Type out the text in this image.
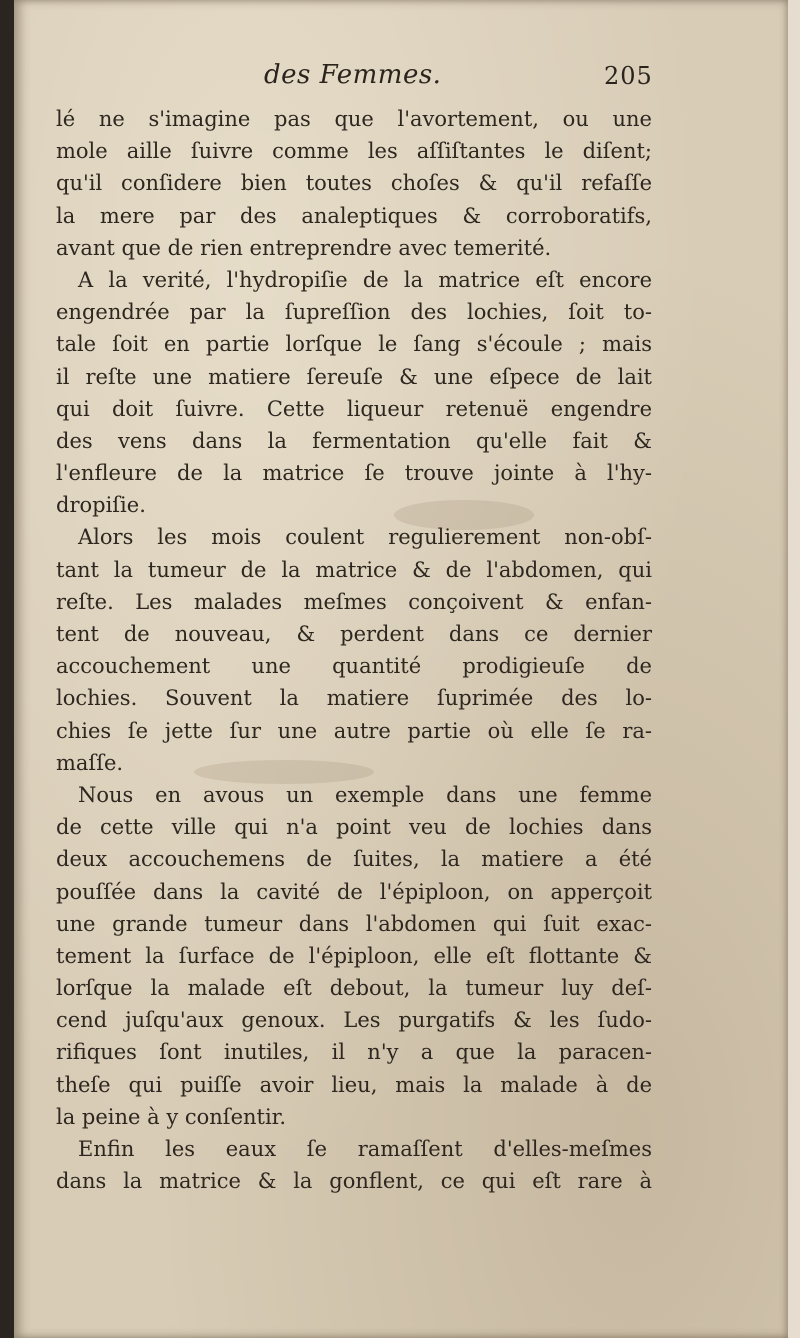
des Femmes.	205
lé ne s'imagine pas que l'avortement, ou une
mole aille ſuivre comme les aſſiſtantes le diſent;
qu'il conſidere bien toutes choſes & qu'il refaſſe
la mere par des analeptiques & corroboratifs,
avant que de rien entreprendre avec temerité.
A la verité, l'hydropiſie de la matrice eſt encore
engendrée par la ſupreſſion des lochies, ſoit to-
tale ſoit en partie lorſque le ſang s'écoule ; mais
il reſte une matiere ſereuſe & une eſpece de lait
qui doit ſuivre. Cette liqueur retenuë engendre
des vens dans la fermentation qu'elle fait &
l'enfleure de la matrice ſe trouve jointe à l'hy-
dropiſie.
Alors les mois coulent regulierement non-obſ-
tant la tumeur de la matrice & de l'abdomen, qui
reſte. Les malades meſmes conçoivent & enfan-
tent de nouveau, & perdent dans ce dernier
accouchement une quantité prodigieuſe de
lochies. Souvent la matiere ſuprimée des lo-
chies ſe jette ſur une autre partie où elle ſe ra-
maſſe.
Nous en avous un exemple dans une femme
de cette ville qui n'a point veu de lochies dans
deux accouchemens de ſuites, la matiere a été
pouſſée dans la cavité de l'épiploon, on apperçoit
une grande tumeur dans l'abdomen qui ſuit exac-
tement la ſurface de l'épiploon, elle eſt flottante &
lorſque la malade eſt debout, la tumeur luy deſ-
cend juſqu'aux genoux. Les purgatifs & les ſudo-
rifiques ſont inutiles, il n'y a que la paracen-
theſe qui puiſſe avoir lieu, mais la malade à de
la peine à y conſentir.
Enfin les eaux ſe ramaſſent d'elles-meſmes
dans la matrice & la gonflent, ce qui eſt rare à
